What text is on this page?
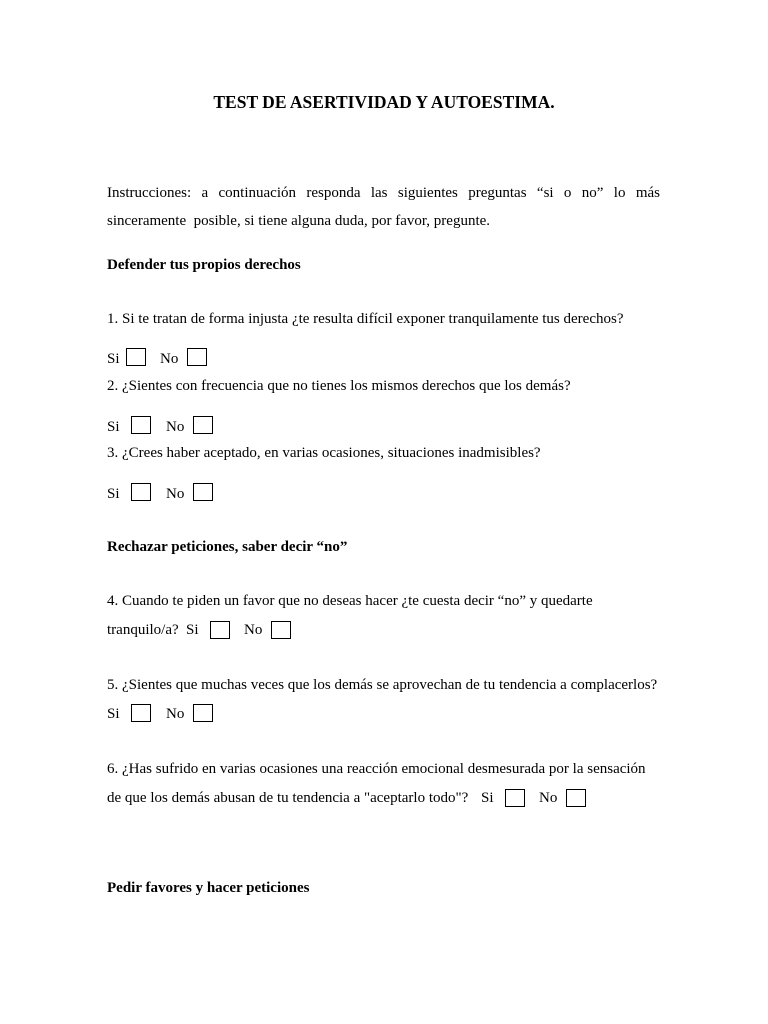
TEST DE ASERTIVIDAD Y AUTOESTIMA.
Instrucciones: a continuación responda las siguientes preguntas “si o no” lo más
sinceramente  posible, si tiene alguna duda, por favor, pregunte.
Defender tus propios derechos
1. Si te tratan de forma injusta ¿te resulta difícil exponer tranquilamente tus derechos?
Si	No
2. ¿Sientes con frecuencia que no tienes los mismos derechos que los demás?
Si	No
3. ¿Crees haber aceptado, en varias ocasiones, situaciones inadmisibles?
Si	No
Rechazar peticiones, saber decir “no”
4. Cuando te piden un favor que no deseas hacer ¿te cuesta decir “no” y quedarte
tranquilo/a? Si	No
5. ¿Sientes que muchas veces que los demás se aprovechan de tu tendencia a complacerlos?
Si	No
6. ¿Has sufrido en varias ocasiones una reacción emocional desmesurada por la sensación
de que los demás abusan de tu tendencia a "aceptarlo todo"? Si	No
Pedir favores y hacer peticiones
